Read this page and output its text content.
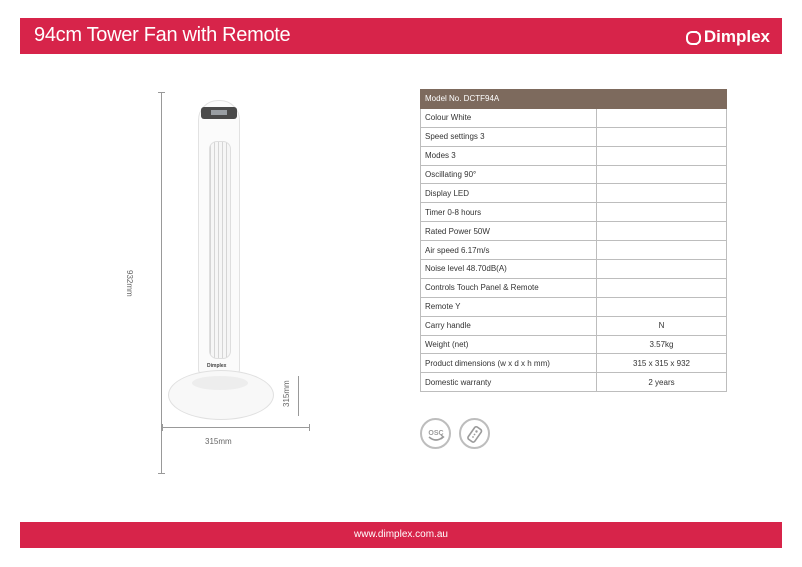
94cm Tower Fan with Remote	Dimplex
932mm
Dimplex
315mm
315mm
Model No. DCTF94A	
Colour White	
Speed settings 3	
Modes 3	
Oscillating 90°	
Display LED	
Timer 0-8 hours	
Rated Power 50W	
Air speed 6.17m/s	
Noise level 48.70dB(A)	
Controls Touch Panel & Remote	
Remote Y	
Carry handle	N
Weight (net)	3.57kg
Product dimensions (w x d x h mm)	315 x 315 x 932
Domestic warranty	2 years
OSC
www.dimplex.com.au
